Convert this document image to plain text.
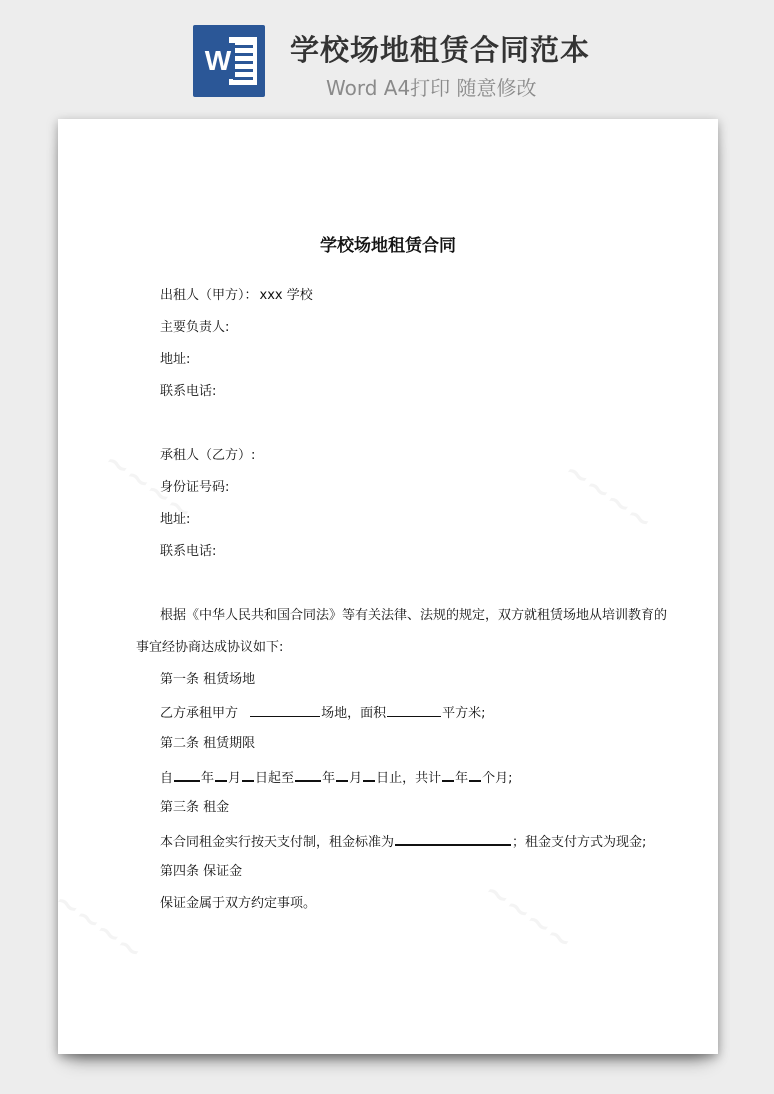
W 学校场地租赁合同范本
Word A4打印 随意修改
学校场地租赁合同
出租人（甲方）： xxx 学校
主要负责人:
地址:
联系电话:
承租人（乙方）:
身份证号码:
地址:
联系电话:
根据《中华人民共和国合同法》等有关法律、法规的规定，双方就租赁场地从培训教育的
事宜经协商达成协议如下:
第一条 租赁场地
乙方承租甲方	场地，面积	平方米;
第二条 租赁期限
自 年 月 日起至 年 月 日止，共计 年 个月;
第三条 租金
本合同租金实行按天支付制，租金标准为	；租金支付方式为现金;
第四条 保证金
保证金属于双方约定事项。
